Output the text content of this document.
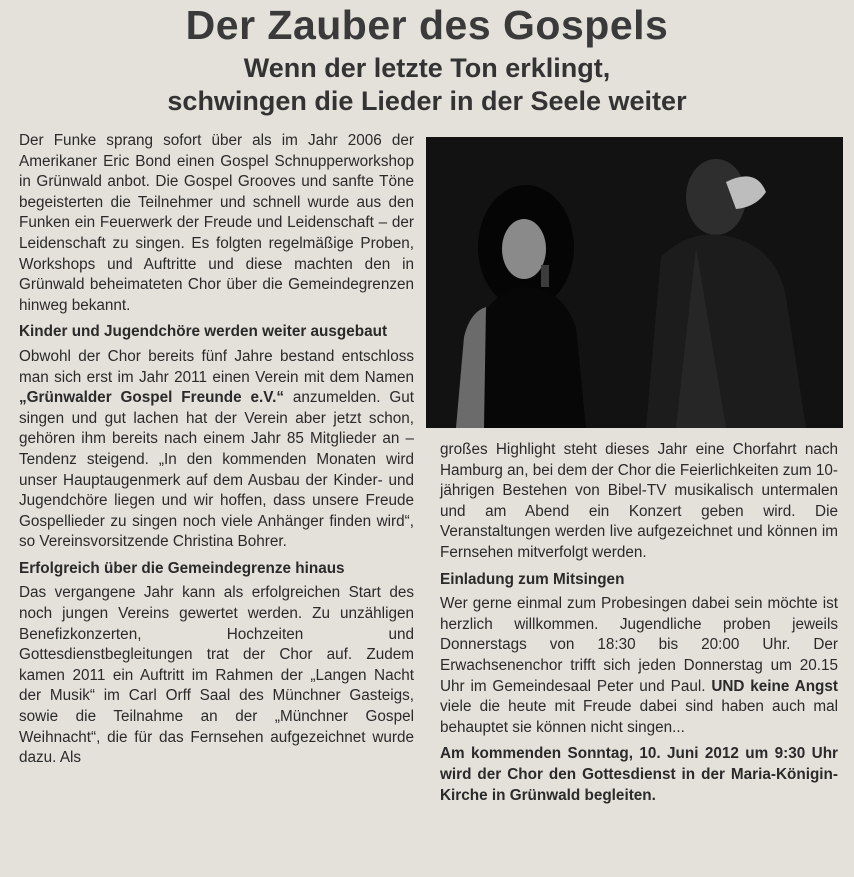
Der Zauber des Gospels
Wenn der letzte Ton erklingt,
schwingen die Lieder in der Seele weiter

Der Funke sprang sofort über als im Jahr 2006 der Amerikaner Eric Bond einen Gospel Schnupperworkshop in Grünwald anbot. Die Gospel Grooves und sanfte Töne begeisterten die Teilnehmer und schnell wurde aus den Funken ein Feuerwerk der Freude und Leidenschaft – der Leidenschaft zu singen. Es folgten regelmäßige Proben, Workshops und Auftritte und diese machten den in Grünwald beheimateten Chor über die Gemeindegrenzen hinweg bekannt.

Kinder und Jugendchöre werden weiter ausgebaut

Obwohl der Chor bereits fünf Jahre bestand entschloss man sich erst im Jahr 2011 einen Verein mit dem Namen „Grünwalder Gospel Freunde e.V.“ anzumelden. Gut singen und gut lachen hat der Verein aber jetzt schon, gehören ihm bereits nach einem Jahr 85 Mitglieder an – Tendenz steigend. „In den kommenden Monaten wird unser Hauptaugenmerk auf dem Ausbau der Kinder- und Jugendchöre liegen und wir hoffen, dass unsere Freude Gospellieder zu singen noch viele Anhänger finden wird“, so Vereinsvorsitzende Christina Bohrer.

Erfolgreich über die Gemeindegrenze hinaus

Das vergangene Jahr kann als erfolgreichen Start des noch jungen Vereins gewertet werden. Zu unzähligen Benefizkonzerten, Hochzeiten und Gottesdienstbegleitungen trat der Chor auf. Zudem kamen 2011 ein Auftritt im Rahmen der „Langen Nacht der Musik“ im Carl Orff Saal des Münchner Gasteigs, sowie die Teilnahme an der „Münchner Gospel Weihnacht“, die für das Fernsehen aufgezeichnet wurde dazu. Als

großes Highlight steht dieses Jahr eine Chorfahrt nach Hamburg an, bei dem der Chor die Feierlichkeiten zum 10-jährigen Bestehen von Bibel-TV musikalisch untermalen und am Abend ein Konzert geben wird. Die Veranstaltungen werden live aufgezeichnet und können im Fernsehen mitverfolgt werden.

Einladung zum Mitsingen

Wer gerne einmal zum Probesingen dabei sein möchte ist herzlich willkommen. Jugendliche proben jeweils Donnerstags von 18:30 bis 20:00 Uhr. Der Erwachsenenchor trifft sich jeden Donnerstag um 20.15 Uhr im Gemeindesaal Peter und Paul. UND keine Angst viele die heute mit Freude dabei sind haben auch mal behauptet sie können nicht singen...

Am kommenden Sonntag, 10. Juni 2012 um 9:30 Uhr wird der Chor den Gottesdienst in der Maria-Königin-Kirche in Grünwald begleiten.
